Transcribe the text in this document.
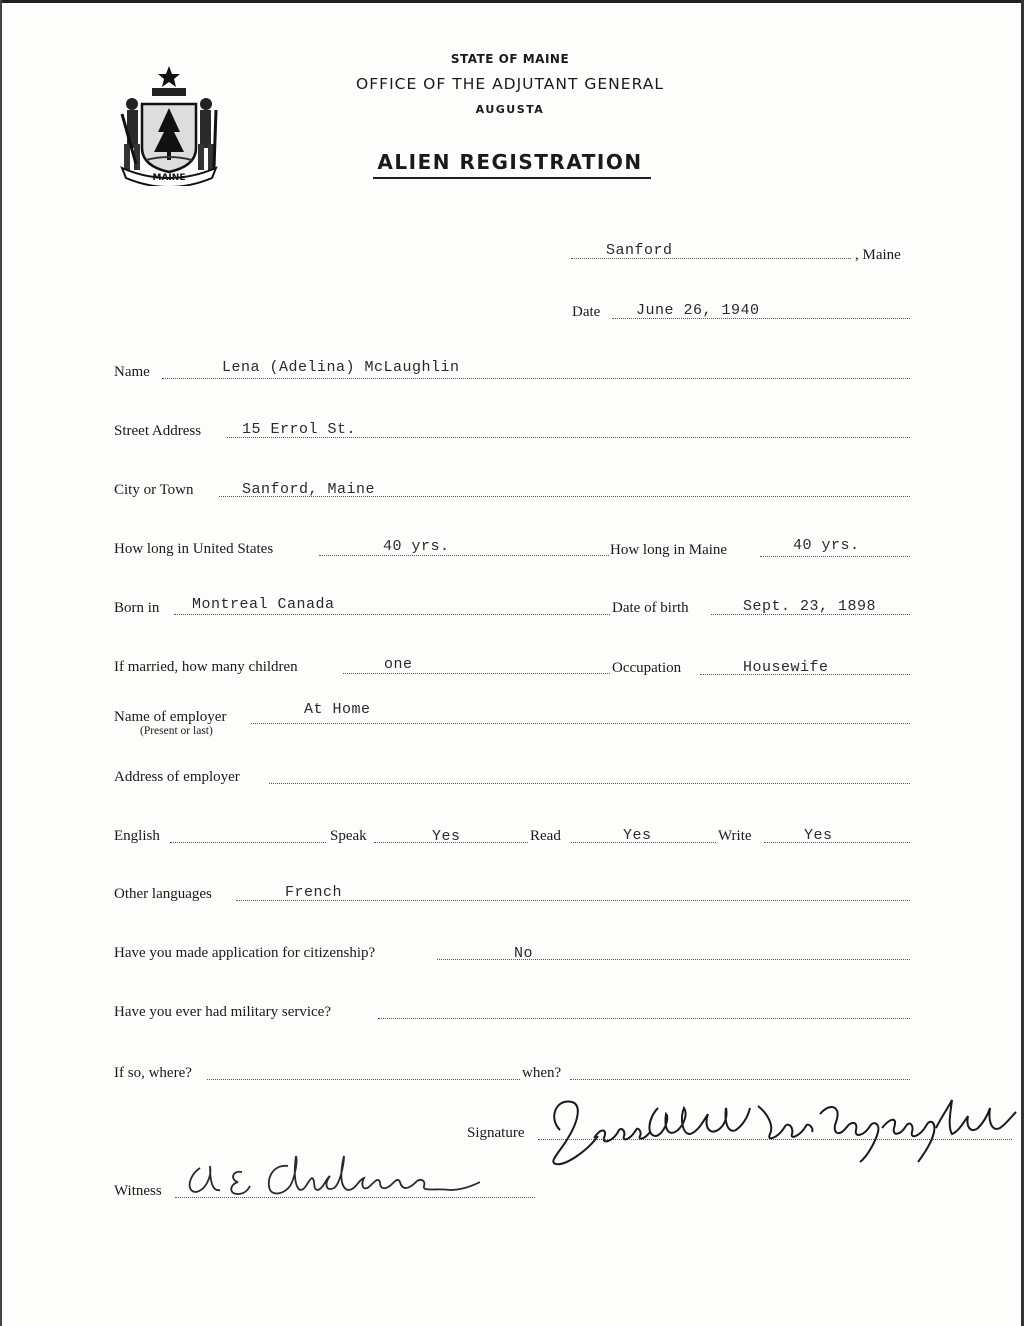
MAINE
STATE OF MAINE
OFFICE OF THE ADJUTANT GENERAL
AUGUSTA
ALIEN REGISTRATION
Sanford	, Maine
Date June 26, 1940
Name	Lena (Adelina) McLaughlin
Street Address	15 Errol St.
City or Town	Sanford, Maine
How long in United States	40 yrs.	How long in Maine	40 yrs.
Born in Montreal Canada	Date of birth	Sept. 23, 1898
If married, how many children	one	Occupation	Housewife
Name of employer
(Present or last)
At Home
Address of employer
English	Speak	Yes	Read	Yes	Write	Yes
Other languages	French
Have you made application for citizenship?	No
Have you ever had military service?
If so, where?	when?
Signature
Witness
